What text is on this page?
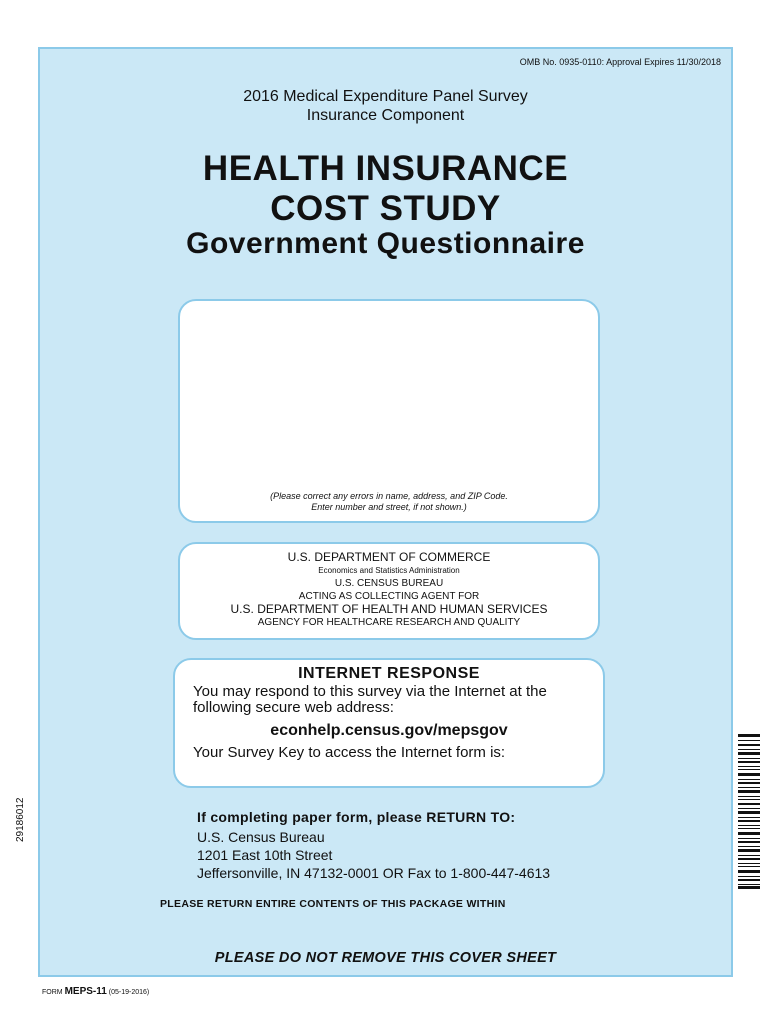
OMB No. 0935-0110: Approval Expires 11/30/2018
2016 Medical Expenditure Panel Survey
Insurance Component
HEALTH INSURANCE
COST STUDY
Government Questionnaire
(Please correct any errors in name, address, and ZIP Code.
Enter number and street, if not shown.)
U.S. DEPARTMENT OF COMMERCE
Economics and Statistics Administration
U.S. CENSUS BUREAU
ACTING AS COLLECTING AGENT FOR
U.S. DEPARTMENT OF HEALTH AND HUMAN SERVICES
AGENCY FOR HEALTHCARE RESEARCH AND QUALITY
INTERNET RESPONSE
You may respond to this survey via the Internet at the following secure web address:
econhelp.census.gov/mepsgov
Your Survey Key to access the Internet form is:
If completing paper form, please RETURN TO:
U.S. Census Bureau
1201 East 10th Street
Jeffersonville, IN 47132-0001 OR Fax to 1-800-447-4613
PLEASE RETURN ENTIRE CONTENTS OF THIS PACKAGE WITHIN
PLEASE DO NOT REMOVE THIS COVER SHEET
FORM MEPS-11 (05-19-2016)
29186012
